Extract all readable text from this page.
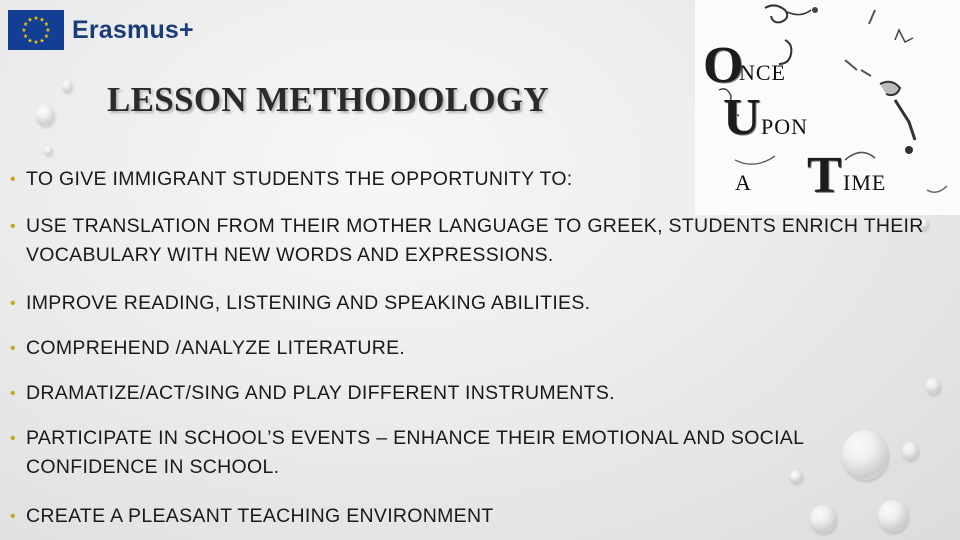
★ ★
★
★
★
★
★
★
★
★
★
★ Erasmus+
O
NCE
U PON
A T IME
LESSON METHODOLOGY
• TO GIVE IMMIGRANT STUDENTS THE OPPORTUNITY TO:
• USE TRANSLATION FROM THEIR MOTHER LANGUAGE TO GREEK, STUDENTS ENRICH THEIR VOCABULARY WITH NEW WORDS AND EXPRESSIONS.
• IMPROVE READING, LISTENING AND SPEAKING ABILITIES.
• COMPREHEND /ANALYZE LITERATURE.
• DRAMATIZE/ACT/SING AND PLAY DIFFERENT INSTRUMENTS.
• PARTICIPATE IN SCHOOL’S EVENTS – ENHANCE THEIR EMOTIONAL AND SOCIAL CONFIDENCE IN SCHOOL.
• CREATE A PLEASANT TEACHING ENVIRONMENT
